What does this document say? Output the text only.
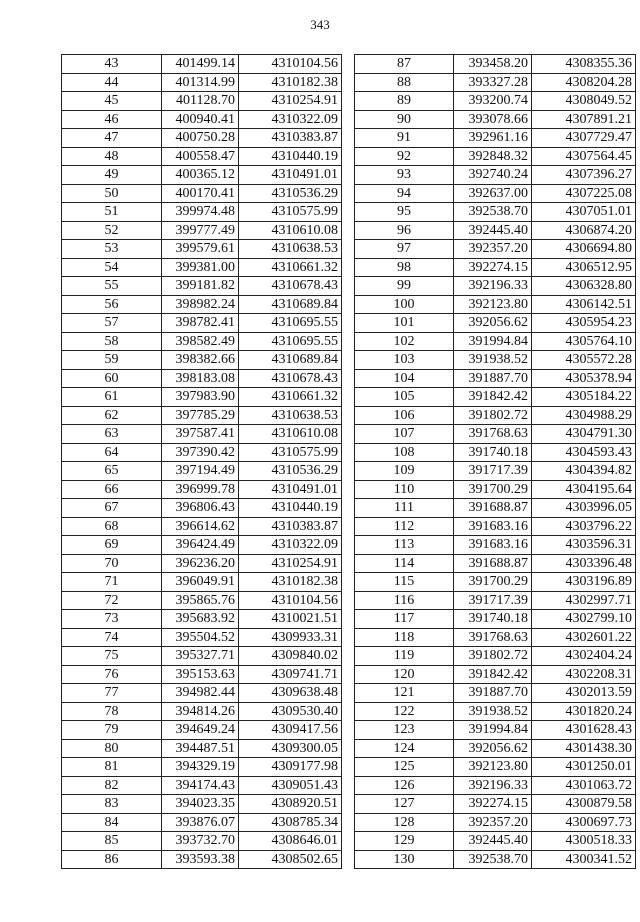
343
43	401499.14	4310104.56
44	401314.99	4310182.38
45	401128.70	4310254.91
46	400940.41	4310322.09
47	400750.28	4310383.87
48	400558.47	4310440.19
49	400365.12	4310491.01
50	400170.41	4310536.29
51	399974.48	4310575.99
52	399777.49	4310610.08
53	399579.61	4310638.53
54	399381.00	4310661.32
55	399181.82	4310678.43
56	398982.24	4310689.84
57	398782.41	4310695.55
58	398582.49	4310695.55
59	398382.66	4310689.84
60	398183.08	4310678.43
61	397983.90	4310661.32
62	397785.29	4310638.53
63	397587.41	4310610.08
64	397390.42	4310575.99
65	397194.49	4310536.29
66	396999.78	4310491.01
67	396806.43	4310440.19
68	396614.62	4310383.87
69	396424.49	4310322.09
70	396236.20	4310254.91
71	396049.91	4310182.38
72	395865.76	4310104.56
73	395683.92	4310021.51
74	395504.52	4309933.31
75	395327.71	4309840.02
76	395153.63	4309741.71
77	394982.44	4309638.48
78	394814.26	4309530.40
79	394649.24	4309417.56
80	394487.51	4309300.05
81	394329.19	4309177.98
82	394174.43	4309051.43
83	394023.35	4308920.51
84	393876.07	4308785.34
85	393732.70	4308646.01
86	393593.38	4308502.65
87	393458.20	4308355.36
88	393327.28	4308204.28
89	393200.74	4308049.52
90	393078.66	4307891.21
91	392961.16	4307729.47
92	392848.32	4307564.45
93	392740.24	4307396.27
94	392637.00	4307225.08
95	392538.70	4307051.01
96	392445.40	4306874.20
97	392357.20	4306694.80
98	392274.15	4306512.95
99	392196.33	4306328.80
100	392123.80	4306142.51
101	392056.62	4305954.23
102	391994.84	4305764.10
103	391938.52	4305572.28
104	391887.70	4305378.94
105	391842.42	4305184.22
106	391802.72	4304988.29
107	391768.63	4304791.30
108	391740.18	4304593.43
109	391717.39	4304394.82
110	391700.29	4304195.64
111	391688.87	4303996.05
112	391683.16	4303796.22
113	391683.16	4303596.31
114	391688.87	4303396.48
115	391700.29	4303196.89
116	391717.39	4302997.71
117	391740.18	4302799.10
118	391768.63	4302601.22
119	391802.72	4302404.24
120	391842.42	4302208.31
121	391887.70	4302013.59
122	391938.52	4301820.24
123	391994.84	4301628.43
124	392056.62	4301438.30
125	392123.80	4301250.01
126	392196.33	4301063.72
127	392274.15	4300879.58
128	392357.20	4300697.73
129	392445.40	4300518.33
130	392538.70	4300341.52
